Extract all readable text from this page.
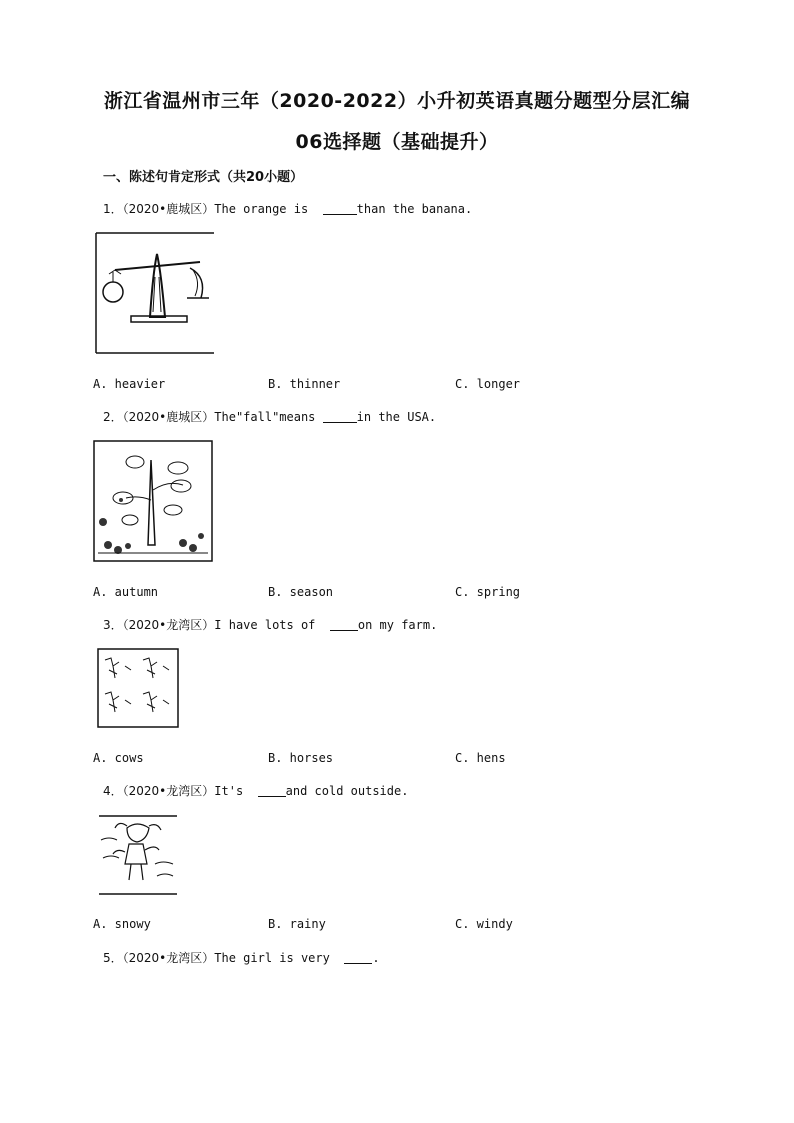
浙江省温州市三年（2020-2022）小升初英语真题分题型分层汇编
06选择题（基础提升）
一、陈述句肯定形式（共20小题）
1．（2020•鹿城区）The orange is	than the banana.
A. heavier	B. thinner	C. longer
2．（2020•鹿城区）The"fall"means	in the USA.
A. autumn	B. season	C. spring
3．（2020•龙湾区）I have lots of  on my farm.
A. cows	B. horses	C. hens
4．（2020•龙湾区）It's  and cold outside.
A. snowy	B. rainy	C. windy
5．（2020•龙湾区）The girl is very  .
